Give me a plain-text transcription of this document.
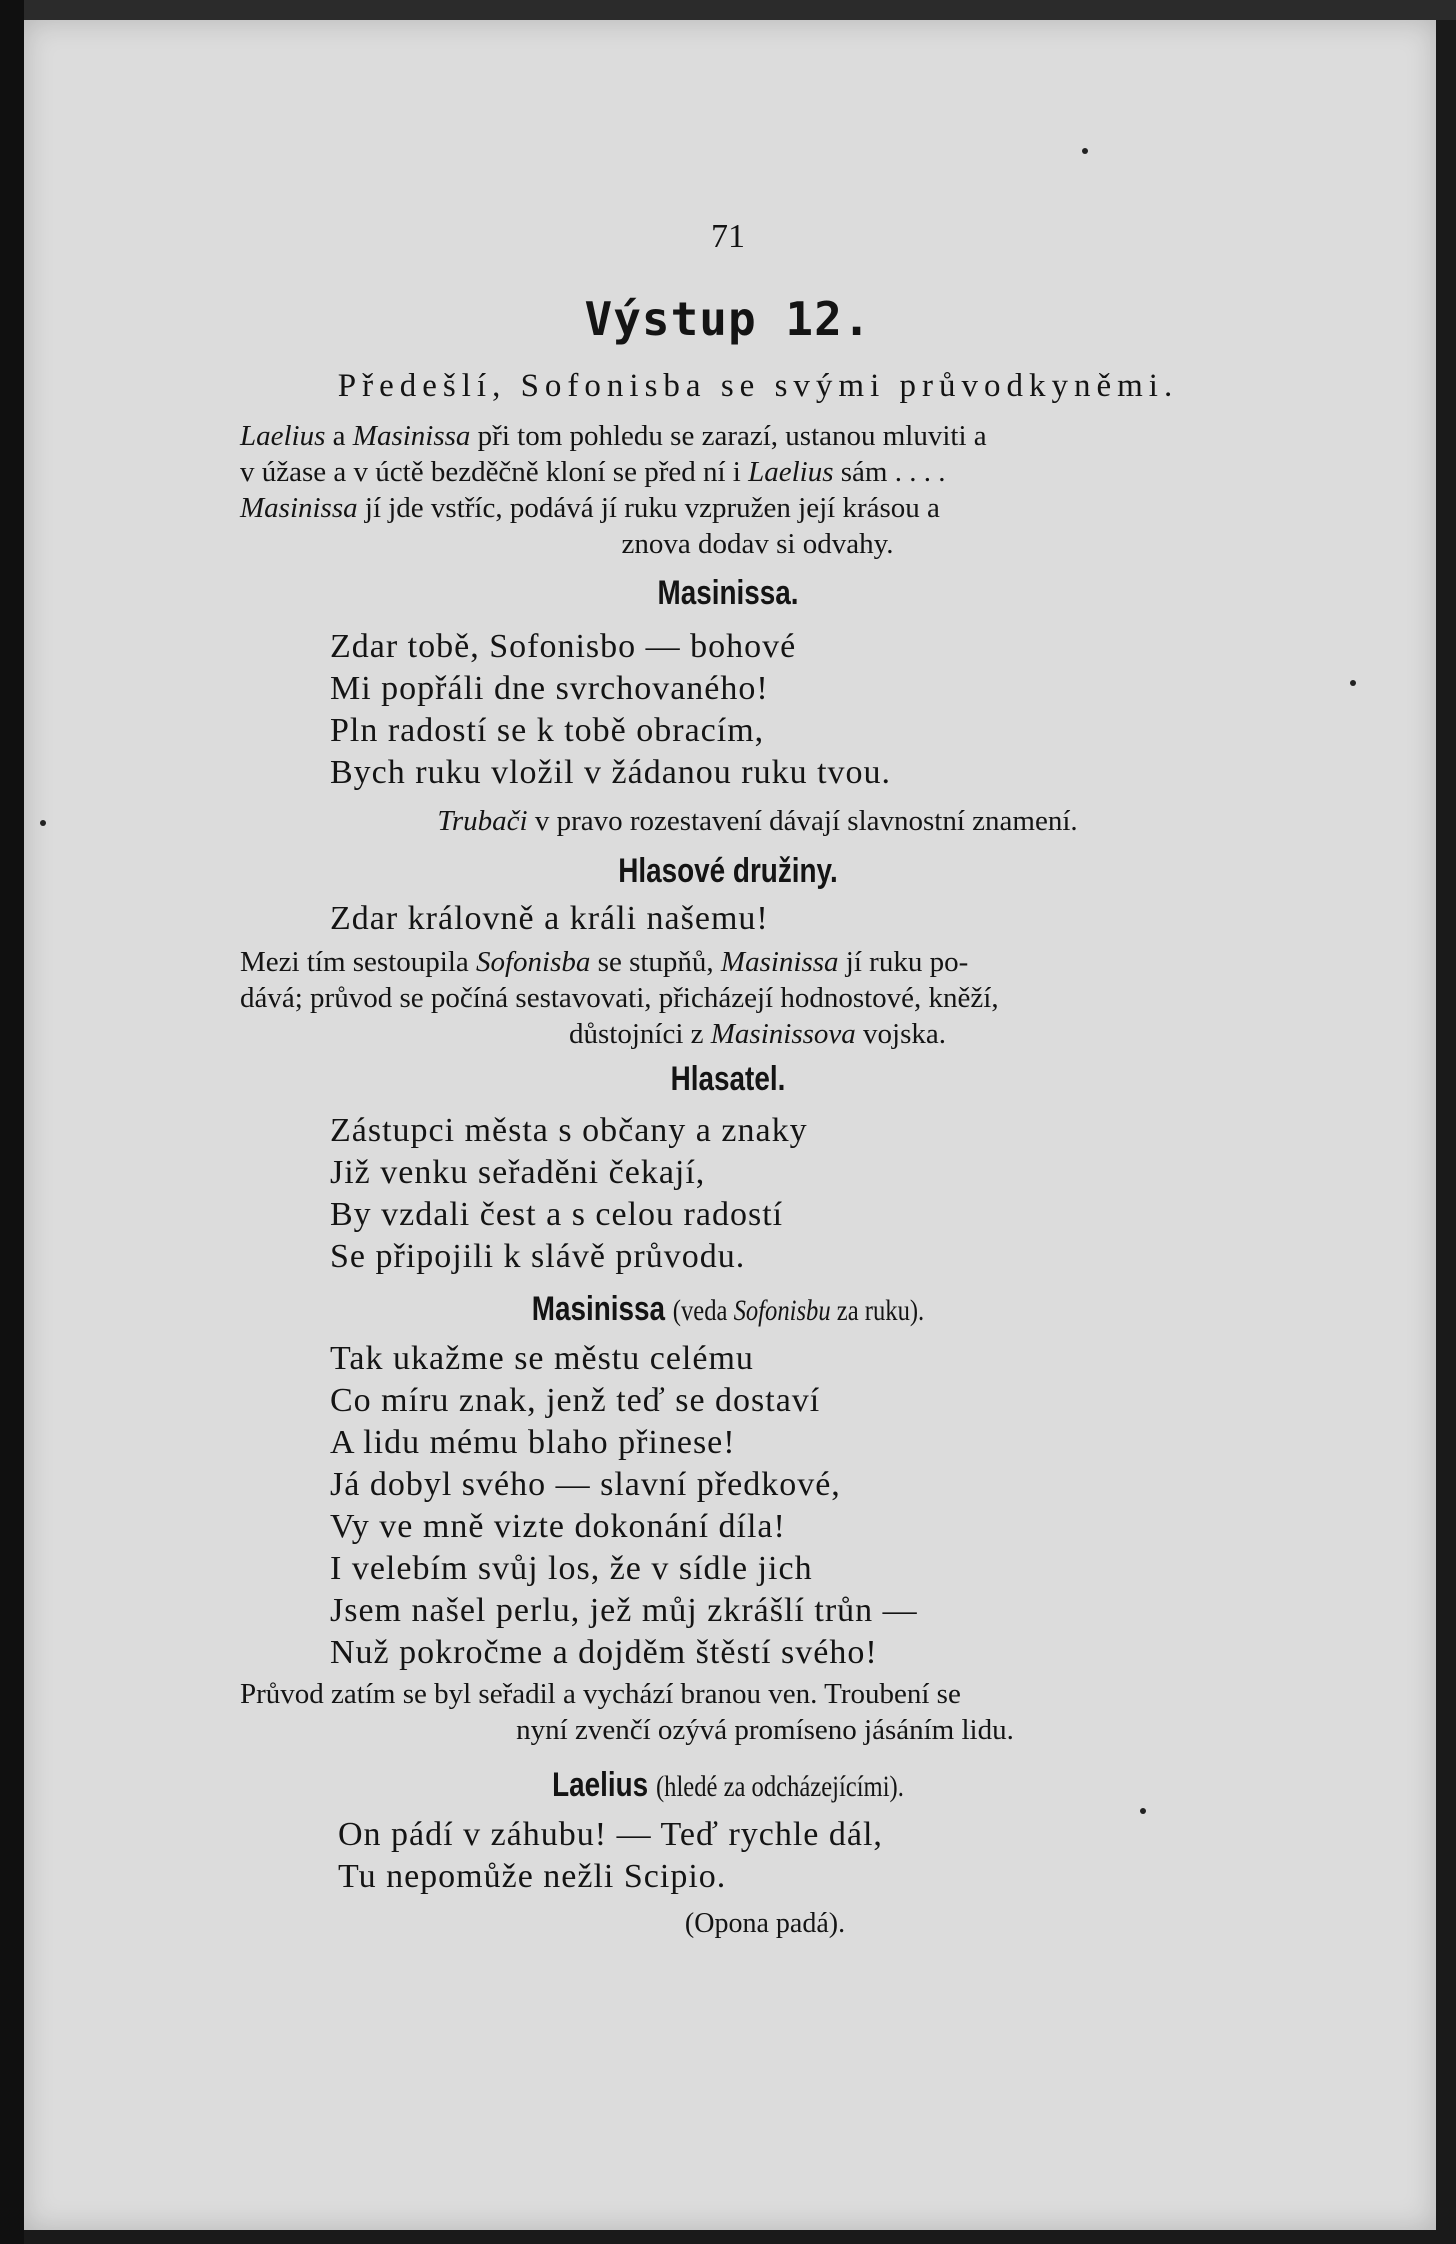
71
Výstup 12.
Předešlí, Sofonisba se svými průvodkyněmi.
Laelius a Masinissa při tom pohledu se zarazí, ustanou mluviti a
v úžase a v úctě bezděčně kloní se před ní i Laelius sám . . . .
Masinissa jí jde vstříc, podává jí ruku vzpružen její krásou a
znova dodav si odvahy.
Masinissa.
Zdar tobě, Sofonisbo — bohové
Mi popřáli dne svrchovaného!
Pln radostí se k tobě obracím,
Bych ruku vložil v žádanou ruku tvou.
Trubači v pravo rozestavení dávají slavnostní znamení.
Hlasové družiny.
Zdar královně a králi našemu!
Mezi tím sestoupila Sofonisba se stupňů, Masinissa jí ruku po-
dává; průvod se počíná sestavovati, přicházejí hodnostové, kněží,
důstojníci z Masinissova vojska.
Hlasatel.
Zástupci města s občany a znaky
Již venku seřaděni čekají,
By vzdali čest a s celou radostí
Se připojili k slávě průvodu.
Masinissa (veda Sofonisbu za ruku).
Tak ukažme se městu celému
Co míru znak, jenž teď se dostaví
A lidu mému blaho přinese!
Já dobyl svého — slavní předkové,
Vy ve mně vizte dokonání díla!
I velebím svůj los, že v sídle jich
Jsem našel perlu, jež můj zkrášlí trůn —
Nuž pokročme a dojděm štěstí svého!
Průvod zatím se byl seřadil a vychází branou ven. Troubení se
nyní zvenčí ozývá promíseno jásáním lidu.
Laelius (hledé za odcházejícími).
On pádí v záhubu! — Teď rychle dál,
Tu nepomůže nežli Scipio.
(Opona padá).
